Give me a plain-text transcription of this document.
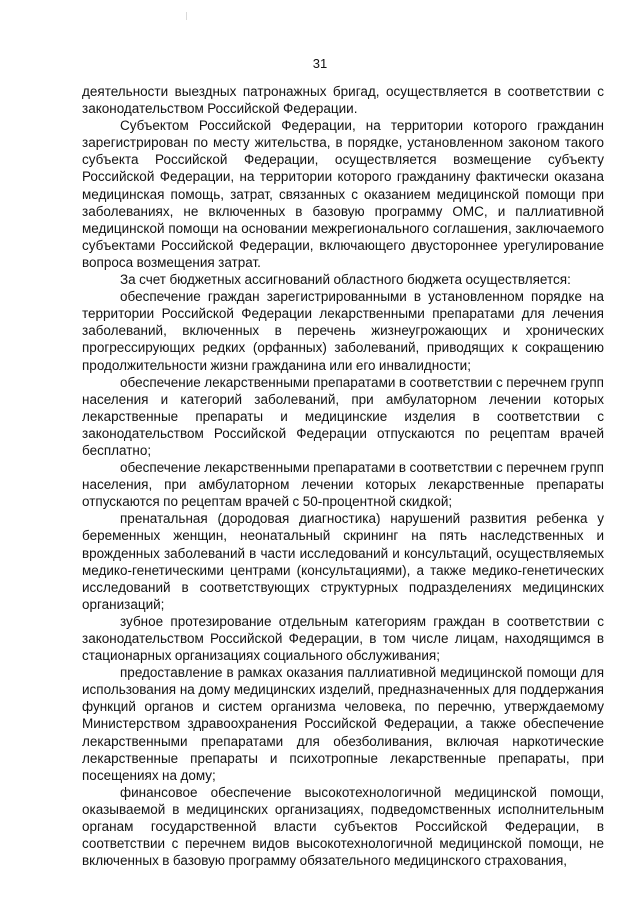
31

деятельности выездных патронажных бригад, осуществляется в соответствии с законодательством Российской Федерации.

Субъектом Российской Федерации, на территории которого гражданин зарегистрирован по месту жительства, в порядке, установленном законом такого субъекта Российской Федерации, осуществляется возмещение субъекту Российской Федерации, на территории которого гражданину фактически оказана медицинская помощь, затрат, связанных с оказанием медицинской помощи при заболеваниях, не включенных в базовую программу ОМС, и паллиативной медицинской помощи на основании межрегионального соглашения, заключаемого субъектами Российской Федерации, включающего двустороннее урегулирование вопроса возмещения затрат.

За счет бюджетных ассигнований областного бюджета осуществляется:

обеспечение граждан зарегистрированными в установленном порядке на территории Российской Федерации лекарственными препаратами для лечения заболеваний, включенных в перечень жизнеугрожающих и хронических прогрессирующих редких (орфанных) заболеваний, приводящих к сокращению продолжительности жизни гражданина или его инвалидности;

обеспечение лекарственными препаратами в соответствии с перечнем групп населения и категорий заболеваний, при амбулаторном лечении которых лекарственные препараты и медицинские изделия в соответствии с законодательством Российской Федерации отпускаются по рецептам врачей бесплатно;

обеспечение лекарственными препаратами в соответствии с перечнем групп населения, при амбулаторном лечении которых лекарственные препараты отпускаются по рецептам врачей с 50-процентной скидкой;

пренатальная (дородовая диагностика) нарушений развития ребенка у беременных женщин, неонатальный скрининг на пять наследственных и врожденных заболеваний в части исследований и консультаций, осуществляемых медико-генетическими центрами (консультациями), а также медико-генетических исследований в соответствующих структурных подразделениях медицинских организаций;

зубное протезирование отдельным категориям граждан в соответствии с законодательством Российской Федерации, в том числе лицам, находящимся в стационарных организациях социального обслуживания;

предоставление в рамках оказания паллиативной медицинской помощи для использования на дому медицинских изделий, предназначенных для поддержания функций органов и систем организма человека, по перечню, утверждаемому Министерством здравоохранения Российской Федерации, а также обеспечение лекарственными препаратами для обезболивания, включая наркотические лекарственные препараты и психотропные лекарственные препараты, при посещениях на дому;

финансовое обеспечение высокотехнологичной медицинской помощи, оказываемой в медицинских организациях, подведомственных исполнительным органам государственной власти субъектов Российской Федерации, в соответствии с перечнем видов высокотехнологичной медицинской помощи, не включенных в базовую программу обязательного медицинского страхования,
